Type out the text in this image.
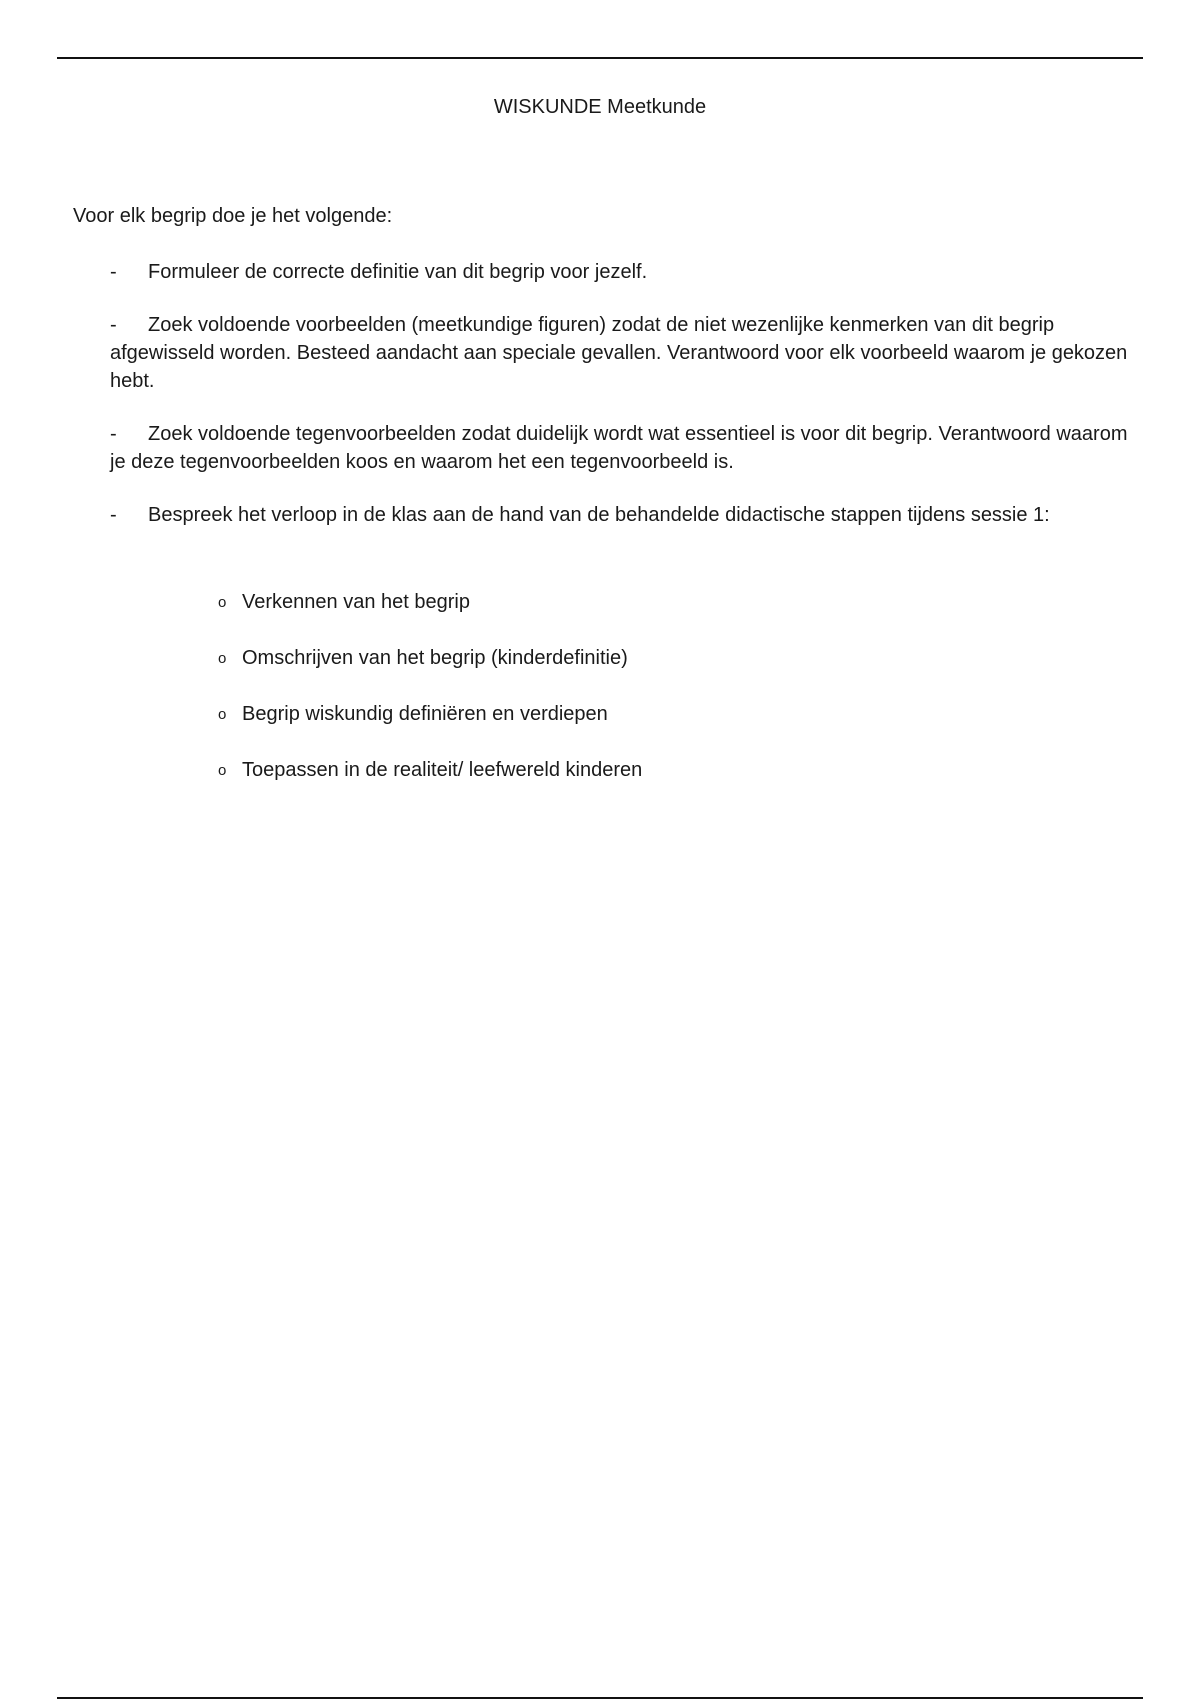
WISKUNDE Meetkunde

Voor elk begrip doe je het volgende:

- Formuleer de correcte definitie van dit begrip voor jezelf.
- Zoek voldoende voorbeelden (meetkundige figuren) zodat de niet wezenlijke kenmerken van dit begrip afgewisseld worden. Besteed aandacht aan speciale gevallen. Verantwoord voor elk voorbeeld waarom je gekozen hebt.
- Zoek voldoende tegenvoorbeelden zodat duidelijk wordt wat essentieel is voor dit begrip. Verantwoord waarom je deze tegenvoorbeelden koos en waarom het een tegenvoorbeeld is.
- Bespreek het verloop in de klas aan de hand van de behandelde didactische stappen tijdens sessie 1:
o Verkennen van het begrip
o Omschrijven van het begrip (kinderdefinitie)
o Begrip wiskundig definiëren en verdiepen
o Toepassen in de realiteit/ leefwereld kinderen
